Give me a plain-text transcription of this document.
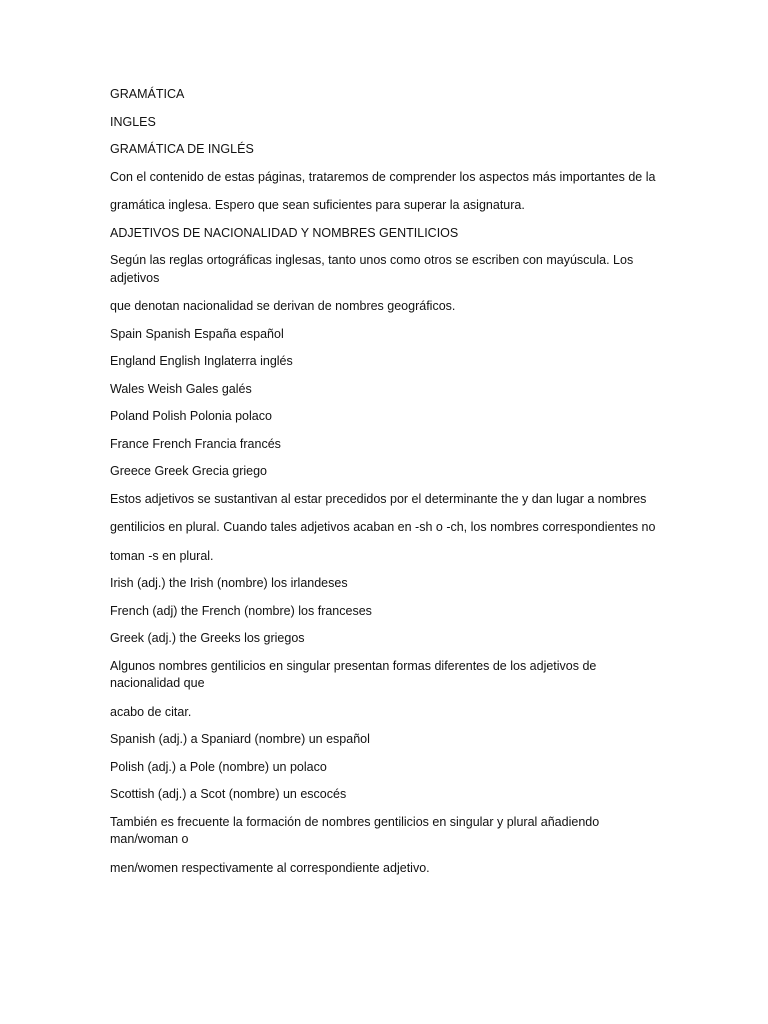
GRAMÁTICA

INGLES

GRAMÁTICA DE INGLÉS

Con el contenido de estas páginas, trataremos de comprender los aspectos más importantes de la

gramática inglesa. Espero que sean suficientes para superar la asignatura.

ADJETIVOS DE NACIONALIDAD Y NOMBRES GENTILICIOS

Según las reglas ortográficas inglesas, tanto unos como otros se escriben con mayúscula. Los adjetivos

que denotan nacionalidad se derivan de nombres geográficos.

Spain Spanish España español

England English Inglaterra inglés

Wales Weish Gales galés

Poland Polish Polonia polaco

France French Francia francés

Greece Greek Grecia griego

Estos adjetivos se sustantivan al estar precedidos por el determinante the y dan lugar a nombres

gentilicios en plural. Cuando tales adjetivos acaban en -sh o -ch, los nombres correspondientes no

toman -s en plural.

Irish (adj.) the Irish (nombre) los irlandeses

French (adj) the French (nombre) los franceses

Greek (adj.) the Greeks los griegos

Algunos nombres gentilicios en singular presentan formas diferentes de los adjetivos de nacionalidad que

acabo de citar.

Spanish (adj.) a Spaniard (nombre) un español

Polish (adj.) a Pole (nombre) un polaco

Scottish (adj.) a Scot (nombre) un escocés

También es frecuente la formación de nombres gentilicios en singular y plural añadiendo man/woman o

men/women respectivamente al correspondiente adjetivo.
